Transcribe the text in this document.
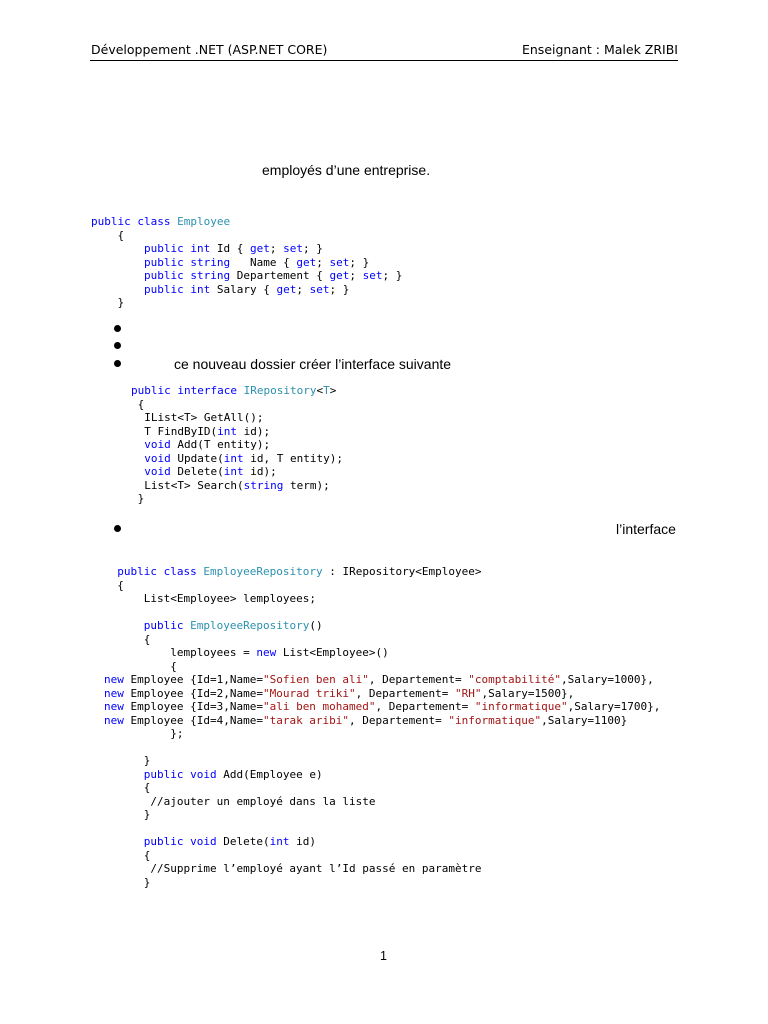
Développement .NET (ASP.NET CORE)	Enseignant : Malek ZRIBI
employés d’une entreprise.
public class Employee
{
public int Id { get; set; }
public string   Name { get; set; }
public string Departement { get; set; }
public int Salary { get; set; }
}
ce nouveau dossier créer l’interface suivante
public interface IRepository<T>
{
IList<T> GetAll();
T FindByID(int id);
void Add(T entity);
void Update(int id, T entity);
void Delete(int id);
List<T> Search(string term);
}
l’interface
public class EmployeeRepository : IRepository<Employee>
{
List<Employee> lemployees;

public EmployeeRepository()
{
lemployees = new List<Employee>()
{
new Employee {Id=1,Name="Sofien ben ali", Departement= "comptabilité",Salary=1000},
new Employee {Id=2,Name="Mourad triki", Departement= "RH",Salary=1500},
new Employee {Id=3,Name="ali ben mohamed", Departement= "informatique",Salary=1700},
new Employee {Id=4,Name="tarak aribi", Departement= "informatique",Salary=1100}
};

}
public void Add(Employee e)
{
//ajouter un employé dans la liste
}

public void Delete(int id)
{
//Supprime l’employé ayant l’Id passé en paramètre
}
1
